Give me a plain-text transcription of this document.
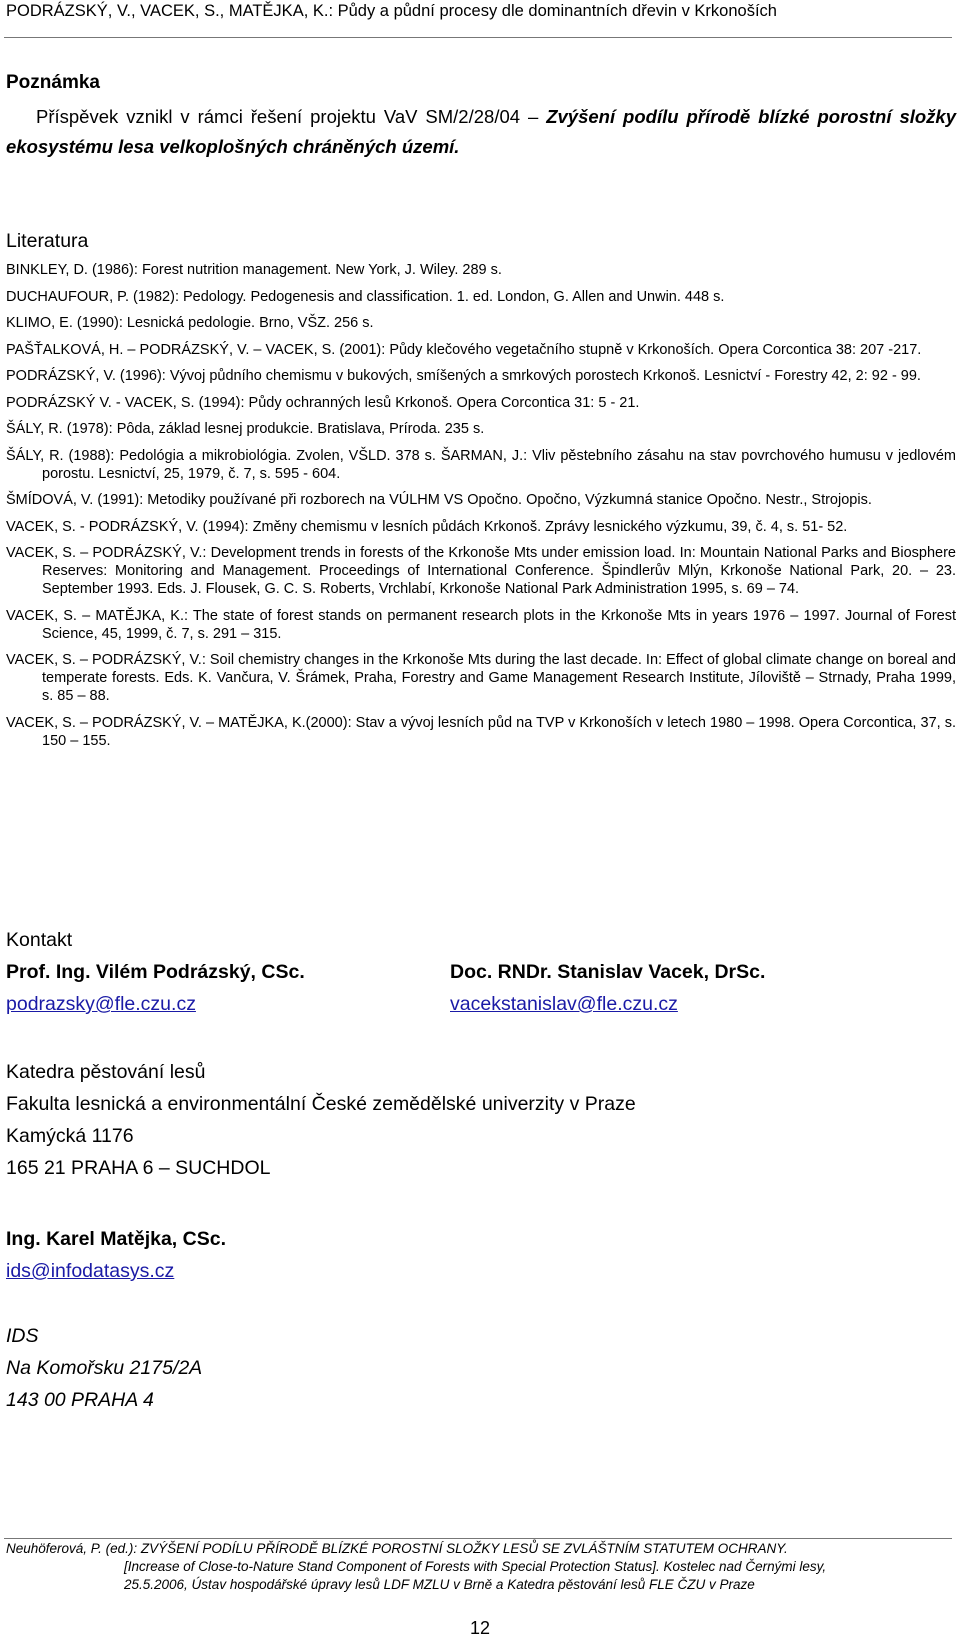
PODRÁZSKÝ, V., VACEK, S., MATĚJKA, K.: Půdy a půdní procesy dle dominantních dřevin v Krkonoších
Poznámka
Příspěvek vznikl v rámci řešení projektu VaV SM/2/28/04 – Zvýšení podílu přírodě blízké porostní složky ekosystému lesa velkoplošných chráněných území.
Literatura
BINKLEY, D. (1986): Forest nutrition management. New York, J. Wiley. 289 s.
DUCHAUFOUR, P. (1982): Pedology. Pedogenesis and classification. 1. ed. London, G. Allen and Unwin. 448 s.
KLIMO, E. (1990): Lesnická pedologie. Brno, VŠZ. 256 s.
PAŠŤALKOVÁ, H. – PODRÁZSKÝ, V. – VACEK, S. (2001): Půdy klečového vegetačního stupně v Krkonoších. Opera Corcontica 38: 207 -217.
PODRÁZSKÝ, V. (1996): Vývoj půdního chemismu v bukových, smíšených a smrkových porostech Krkonoš. Lesnictví - Forestry 42, 2: 92 - 99.
PODRÁZSKÝ V. - VACEK, S. (1994): Půdy ochranných lesů Krkonoš. Opera Corcontica 31: 5 - 21.
ŠÁLY, R. (1978): Pôda, základ lesnej produkcie. Bratislava, Príroda. 235 s.
ŠÁLY, R. (1988): Pedológia a mikrobiológia. Zvolen, VŠLD. 378 s. ŠARMAN, J.: Vliv pěstebního zásahu na stav povrchového humusu v jedlovém porostu. Lesnictví, 25, 1979, č. 7, s. 595 - 604.
ŠMÍDOVÁ, V. (1991): Metodiky používané při rozborech na VÚLHM VS Opočno. Opočno, Výzkumná stanice Opočno. Nestr., Strojopis.
VACEK, S. - PODRÁZSKÝ, V. (1994): Změny chemismu v lesních půdách Krkonoš. Zprávy lesnického výzkumu, 39, č. 4, s. 51- 52.
VACEK, S. – PODRÁZSKÝ, V.: Development trends in forests of the Krkonoše Mts under emission load. In: Mountain National Parks and Biosphere Reserves: Monitoring and Management. Proceedings of International Conference. Špindlerův Mlýn, Krkonoše National Park, 20. – 23. September 1993. Eds. J. Flousek, G. C. S. Roberts, Vrchlabí, Krkonoše National Park Administration 1995, s. 69 – 74.
VACEK, S. – MATĚJKA, K.: The state of forest stands on permanent research plots in the Krkonoše Mts in years 1976 – 1997. Journal of Forest Science, 45, 1999, č. 7, s. 291 – 315.
VACEK, S. – PODRÁZSKÝ, V.: Soil chemistry changes in the Krkonoše Mts during the last decade. In: Effect of global climate change on boreal and temperate forests. Eds. K. Vančura, V. Šrámek, Praha, Forestry and Game Management Research Institute, Jíloviště – Strnady, Praha 1999, s. 85 – 88.
VACEK, S. – PODRÁZSKÝ, V. – MATĚJKA, K.(2000): Stav a vývoj lesních půd na TVP v Krkonoších v letech 1980 – 1998. Opera Corcontica, 37, s. 150 – 155.
Kontakt
Prof. Ing. Vilém Podrázský, CSc.
podrazsky@fle.czu.cz
Doc. RNDr. Stanislav Vacek, DrSc.
vacekstanislav@fle.czu.cz
Katedra pěstování lesů
Fakulta lesnická a environmentální České zemědělské univerzity v Praze
Kamýcká 1176
165 21 PRAHA 6 – SUCHDOL
Ing. Karel Matějka, CSc.
ids@infodatasys.cz
IDS
Na Komořsku 2175/2A
143 00 PRAHA 4
Neuhöferová, P. (ed.): ZVÝŠENÍ PODÍLU PŘÍRODĚ BLÍZKÉ POROSTNÍ SLOŽKY LESŮ SE ZVLÁŠTNÍM STATUTEM OCHRANY.
[Increase of Close-to-Nature Stand Component of Forests with Special Protection Status]. Kostelec nad Černými lesy,
25.5.2006, Ústav hospodářské úpravy lesů LDF MZLU v Brně a Katedra pěstování lesů FLE ČZU v Praze
12
